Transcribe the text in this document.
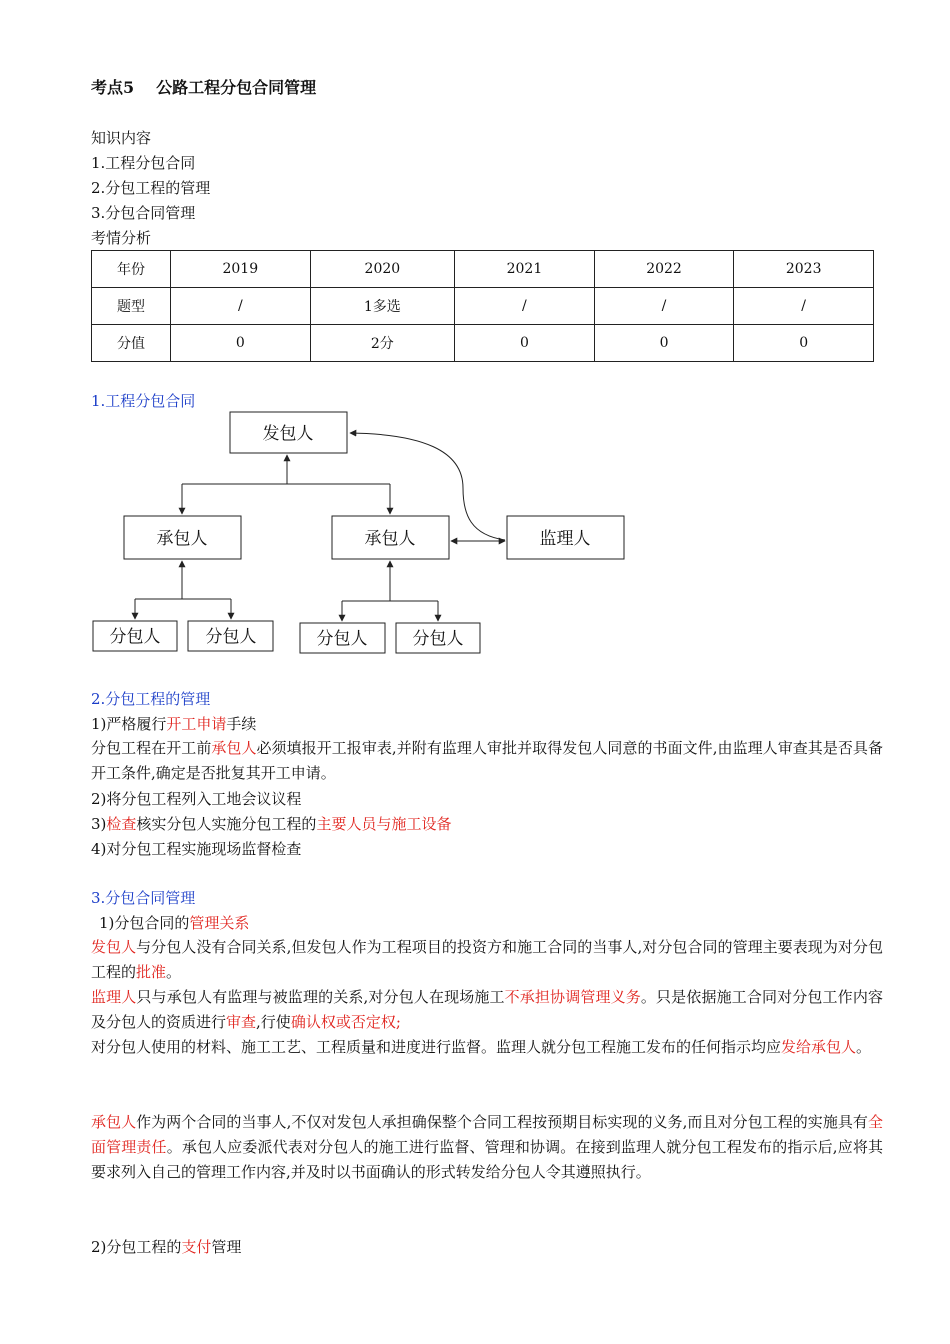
考点5 公路工程分包合同管理
知识内容
1.工程分包合同
2.分包工程的管理
3.分包合同管理
考情分析
年份	2019	2020	2021	2022	2023
题型	/	1多选	/	/	/
分值	0	2分	0	0	0
1.工程分包合同
发包人
承包人	承包人	监理人
分包人	分包人	分包人	分包人
2.分包工程的管理
1)严格履行开工申请手续
分包工程在开工前承包人必须填报开工报审表,并附有监理人审批并取得发包人同意的书面文件,由监理人审查其是否具备开工条件,确定是否批复其开工申请。
2)将分包工程列入工地会议议程
3)检查核实分包人实施分包工程的主要人员与施工设备
4)对分包工程实施现场监督检查
3.分包合同管理
1)分包合同的管理关系
发包人与分包人没有合同关系,但发包人作为工程项目的投资方和施工合同的当事人,对分包合同的管理主要表现为对分包工程的批准。
监理人只与承包人有监理与被监理的关系,对分包人在现场施工不承担协调管理义务。只是依据施工合同对分包工作内容及分包人的资质进行审查,行使确认权或否定权;
对分包人使用的材料、施工工艺、工程质量和进度进行监督。监理人就分包工程施工发布的任何指示均应发给承包人。
承包人作为两个合同的当事人,不仅对发包人承担确保整个合同工程按预期目标实现的义务,而且对分包工程的实施具有全面管理责任。承包人应委派代表对分包人的施工进行监督、管理和协调。在接到监理人就分包工程发布的指示后,应将其要求列入自己的管理工作内容,并及时以书面确认的形式转发给分包人令其遵照执行。
2)分包工程的支付管理
